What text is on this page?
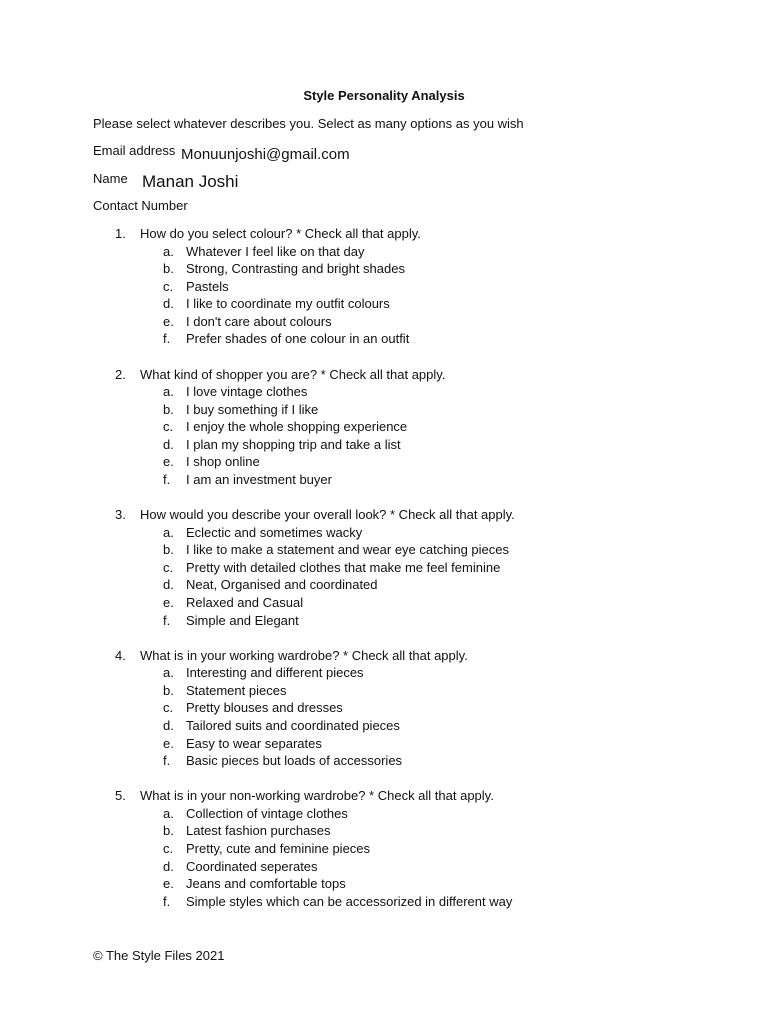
Style Personality Analysis
Please select whatever describes you. Select as many options as you wish
Email address Monuunjoshi@gmail.com
Name Manan Joshi
Contact Number
1. How do you select colour? * Check all that apply.
a. Whatever I feel like on that day
b. Strong, Contrasting and bright shades
c. Pastels
d. I like to coordinate my outfit colours
e. I don't care about colours
f. Prefer shades of one colour in an outfit
2. What kind of shopper you are? * Check all that apply.
a. I love vintage clothes
b. I buy something if I like
c. I enjoy the whole shopping experience
d. I plan my shopping trip and take a list
e. I shop online
f. I am an investment buyer
3. How would you describe your overall look? * Check all that apply.
a. Eclectic and sometimes wacky
b. I like to make a statement and wear eye catching pieces
c. Pretty with detailed clothes that make me feel feminine
d. Neat, Organised and coordinated
e. Relaxed and Casual
f. Simple and Elegant
4. What is in your working wardrobe? * Check all that apply.
a. Interesting and different pieces
b. Statement pieces
c. Pretty blouses and dresses
d. Tailored suits and coordinated pieces
e. Easy to wear separates
f. Basic pieces but loads of accessories
5. What is in your non-working wardrobe? * Check all that apply.
a. Collection of vintage clothes
b. Latest fashion purchases
c. Pretty, cute and feminine pieces
d. Coordinated seperates
e. Jeans and comfortable tops
f. Simple styles which can be accessorized in different way
© The Style Files 2021
